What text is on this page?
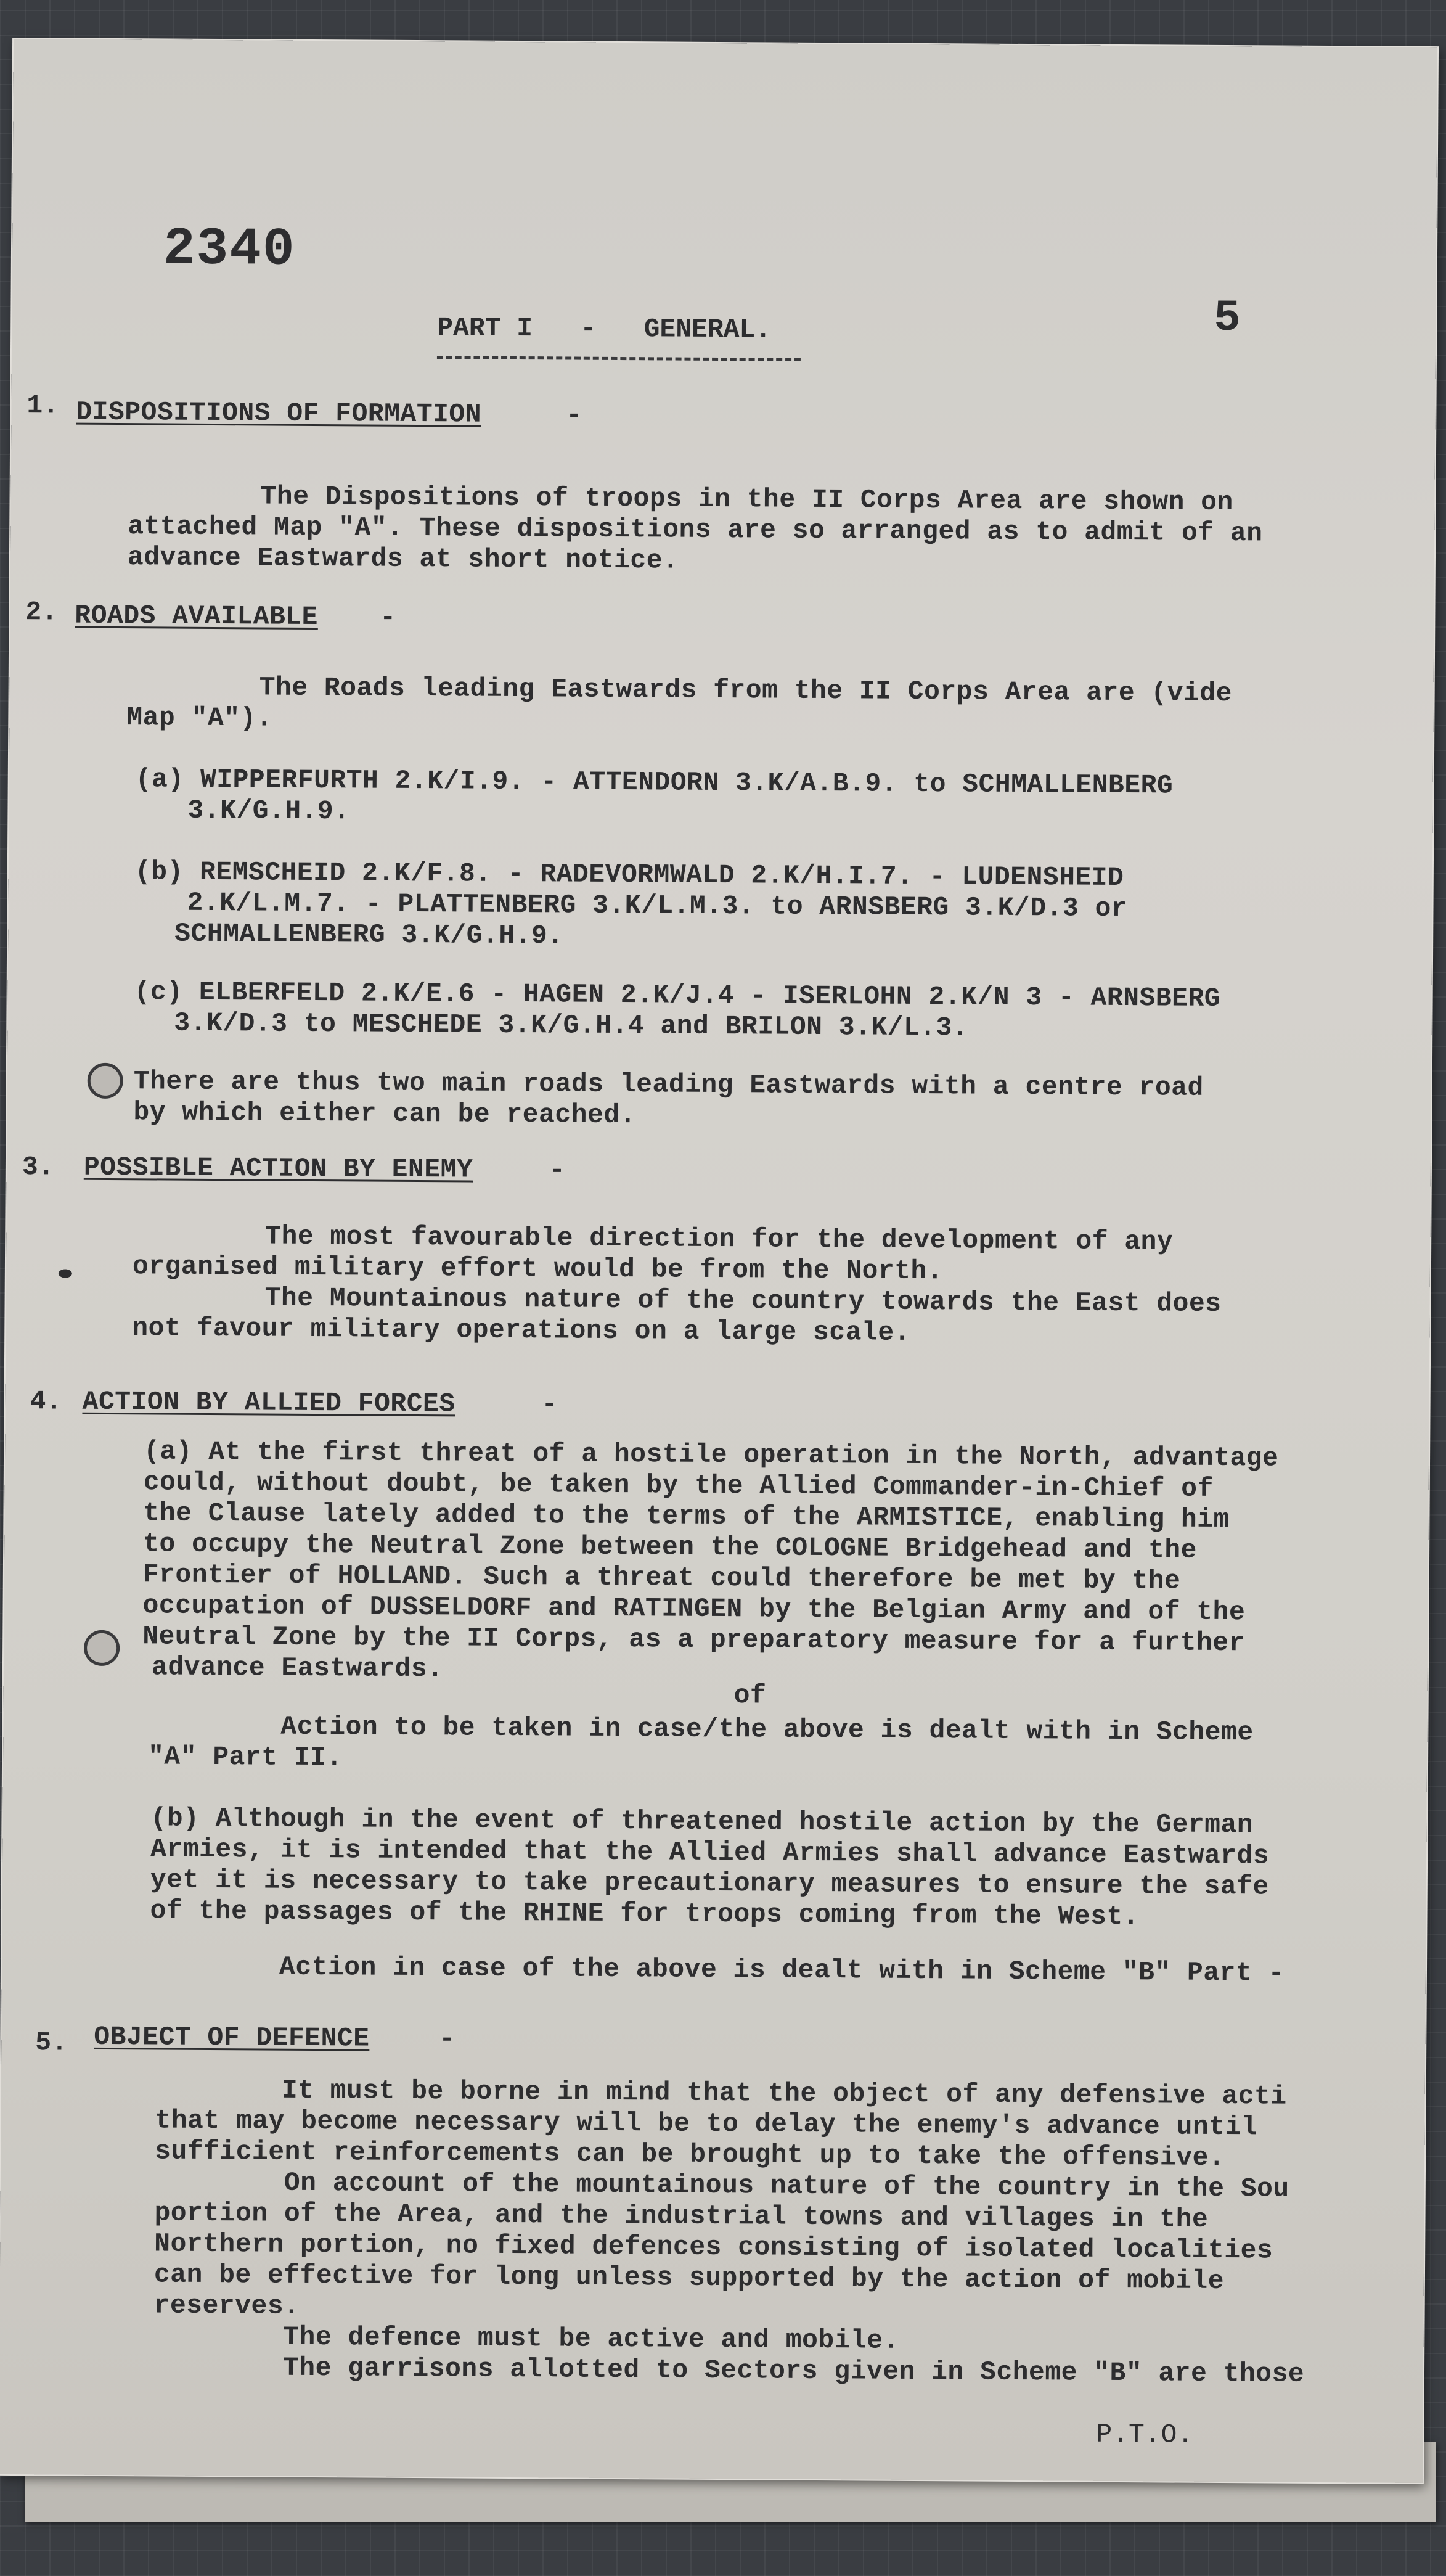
2340
5
PART I   -   GENERAL.
1. DISPOSITIONS OF FORMATION	-
The Dispositions of troops in the II Corps Area are shown on
attached Map "A". These dispositions are so arranged as to admit of an
advance Eastwards at short notice.
2. ROADS AVAILABLE -
The Roads leading Eastwards from the II Corps Area are (vide
Map "A").
(a) WIPPERFURTH 2.K/I.9. - ATTENDORN 3.K/A.B.9. to SCHMALLENBERG
3.K/G.H.9.
(b) REMSCHEID 2.K/F.8. - RADEVORMWALD 2.K/H.I.7. - LUDENSHEID
2.K/L.M.7. - PLATTENBERG 3.K/L.M.3. to ARNSBERG 3.K/D.3 or
SCHMALLENBERG 3.K/G.H.9.
(c) ELBERFELD 2.K/E.6 - HAGEN 2.K/J.4 - ISERLOHN 2.K/N 3 - ARNSBERG
3.K/D.3 to MESCHEDE 3.K/G.H.4 and BRILON 3.K/L.3.
There are thus two main roads leading Eastwards with a centre road
by which either can be reached.
3. POSSIBLE ACTION BY ENEMY	-
The most favourable direction for the development of any
organised military effort would be from the North.
The Mountainous nature of the country towards the East does
not favour military operations on a large scale.
4. ACTION BY ALLIED FORCES	-
(a) At the first threat of a hostile operation in the North, advantage
could, without doubt, be taken by the Allied Commander-in-Chief of
the Clause lately added to the terms of the ARMISTICE, enabling him
to occupy the Neutral Zone between the COLOGNE Bridgehead and the
Frontier of HOLLAND. Such a threat could therefore be met by the
occupation of DUSSELDORF and RATINGEN by the Belgian Army and of the
Neutral Zone by the II Corps, as a preparatory measure for a further
advance Eastwards.
of
Action to be taken in case/the above is dealt with in Scheme
"A" Part II.
(b) Although in the event of threatened hostile action by the German
Armies, it is intended that the Allied Armies shall advance Eastwards
yet it is necessary to take precautionary measures to ensure the safe
of the passages of the RHINE for troops coming from the West.
Action in case of the above is dealt with in Scheme "B" Part -
5. OBJECT OF DEFENCE	-
It must be borne in mind that the object of any defensive acti
that may become necessary will be to delay the enemy's advance until
sufficient reinforcements can be brought up to take the offensive.
On account of the mountainous nature of the country in the Sou
portion of the Area, and the industrial towns and villages in the
Northern portion, no fixed defences consisting of isolated localities
can be effective for long unless supported by the action of mobile
reserves.
The defence must be active and mobile.
The garrisons allotted to Sectors given in Scheme "B" are those
P.T.O.
